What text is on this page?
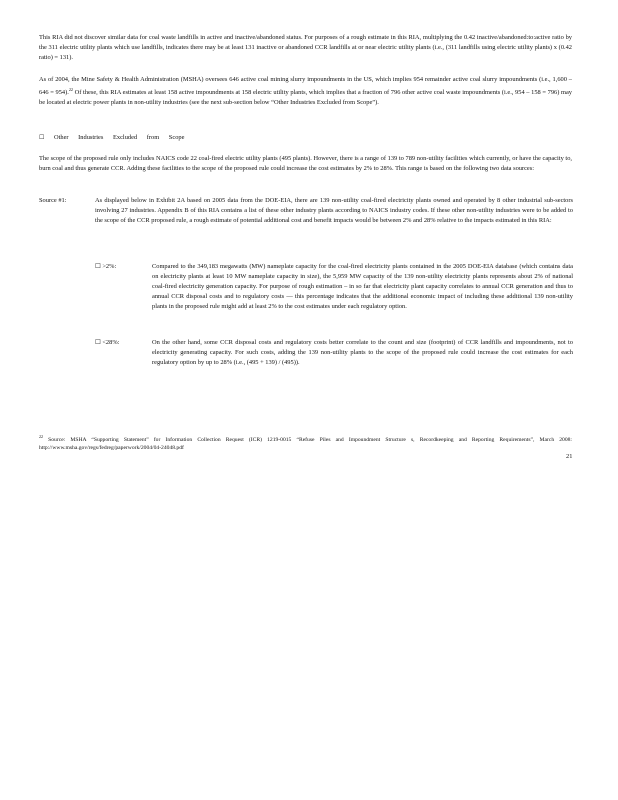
This RIA did not discover similar data for coal waste landfills in active and inactive/abandoned status. For purposes of a rough estimate in this RIA, multiplying the 0.42 inactive/abandoned:to:active ratio by the 311 electric utility plants which use landfills, indicates there may be at least 131 inactive or abandoned CCR landfills at or near electric utility plants (i.e., (311 landfills using electric utility plants) x (0.42 ratio) = 131).

As of 2004, the Mine Safety & Health Administration (MSHA) oversees 646 active coal mining slurry impoundments in the US, which implies 954 remainder active coal slurry impoundments (i.e., 1,600 – 646 = 954).$^{22}$ Of these, this RIA estimates at least 158 active impoundments at 158 electric utility plants, which implies that a fraction of 796 other active coal waste impoundments (i.e., 954 – 158 = 796) may be located at electric power plants in non-utility industries (see the next sub-section below “Other Industries Excluded from Scope”).

☐ Other Industries Excluded from Scope

The scope of the proposed rule only includes NAICS code 22 coal-fired electric utility plants (495 plants). However, there is a range of 139 to 789 non-utility facilities which currently, or have the capacity to, burn coal and thus generate CCR. Adding these facilities to the scope of the proposed rule could increase the cost estimates by 2% to 28%. This range is based on the following two data sources:

Source #1:	As displayed below in Exhibit 2A based on 2005 data from the DOE-EIA, there are 139 non-utility coal-fired electricity plants owned and operated by 8 other industrial sub-sectors involving 27 industries. Appendix B of this RIA contains a list of these other industry plants according to NAICS industry codes. If these other non-utility industries were to be added to the scope of the CCR proposed rule, a rough estimate of potential additional cost and benefit impacts would be between 2% and 28% relative to the impacts estimated in this RIA:

☐ >2%:	Compared to the 349,183 megawatts (MW) nameplate capacity for the coal-fired electricity plants contained in the 2005 DOE-EIA database (which contains data on electricity plants at least 10 MW nameplate capacity in size), the 5,959 MW capacity of the 139 non-utility electricity plants represents about 2% of national coal-fired electricity generation capacity. For purpose of rough estimation – in so far that electricity plant capacity correlates to annual CCR generation and thus to annual CCR disposal costs and to regulatory costs — this percentage indicates that the additional economic impact of including these additional 139 non-utility plants in the proposed rule might add at least 2% to the cost estimates under each regulatory option.

☐ <28%:	On the other hand, some CCR disposal costs and regulatory costs better correlate to the count and size (footprint) of CCR landfills and impoundments, not to electricity generating capacity. For such costs, adding the 139 non-utility plants to the scope of the proposed rule could increase the cost estimates for each regulatory option by up to 28% (i.e., (495 + 139) / (495)).

$^{22}$ Source: MSHA “Supporting Statement” for Information Collection Request (ICR) 1219-0015 “Refuse Piles and Impoundment Structure s, Recordkeeping and Reporting Requirements”, March 2008: http://www.msha.gov/regs/fedreg/paperwork/2004/04-24048.pdf

21
